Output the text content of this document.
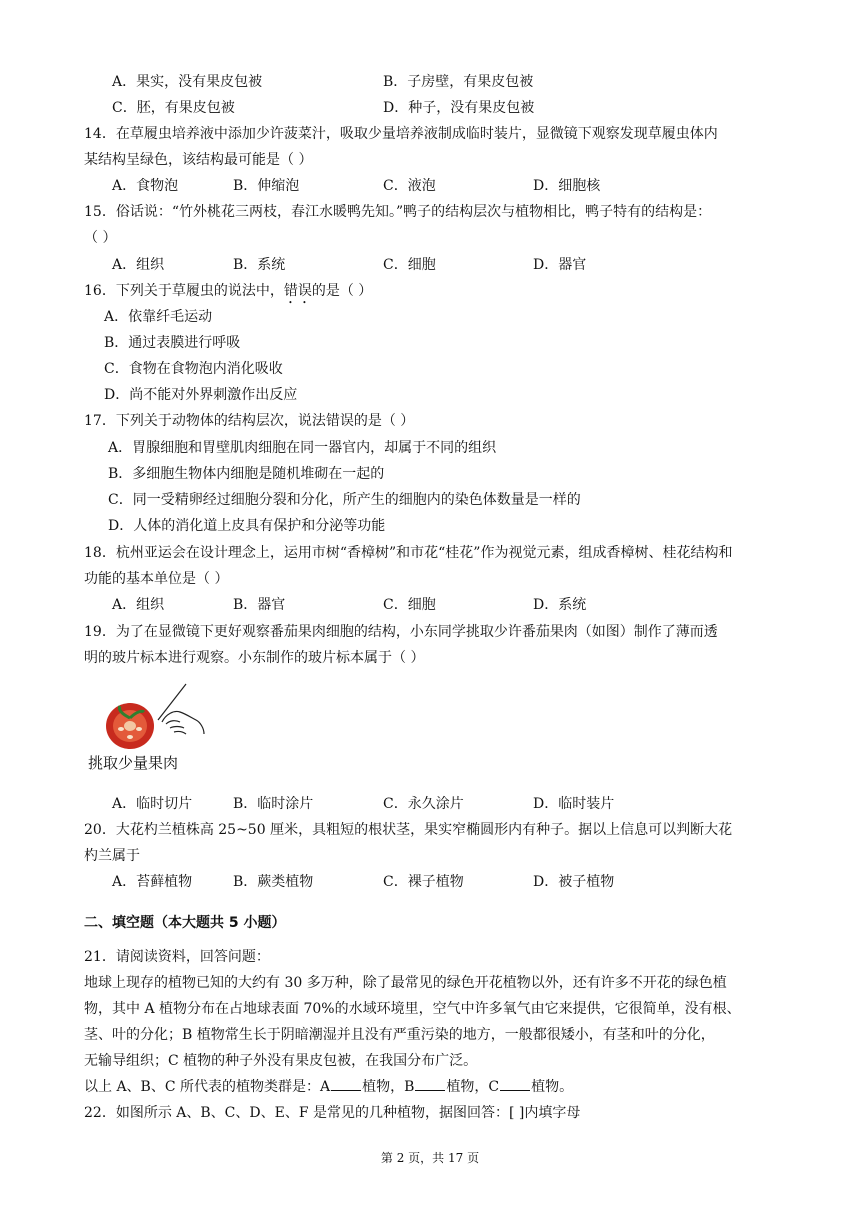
A．果实，没有果皮包被	B．子房壁，有果皮包被
C．胚，有果皮包被	D．种子，没有果皮包被
14．在草履虫培养液中添加少许菠菜汁，吸取少量培养液制成临时装片，显微镜下观察发现草履虫体内
某结构呈绿色，该结构最可能是（ ）
A．食物泡	B．伸缩泡	C．液泡	D．细胞核
15．俗话说：“竹外桃花三两枝，春江水暖鸭先知。”鸭子的结构层次与植物相比，鸭子特有的结构是：
（ ）
A．组织	B．系统	C．细胞	D．器官
16．下列关于草履虫的说法中，错误的是（ ）
A．依靠纤毛运动
B．通过表膜进行呼吸
C．食物在食物泡内消化吸收
D．尚不能对外界刺激作出反应
17．下列关于动物体的结构层次，说法错误的是（ ）
A．胃腺细胞和胃壁肌肉细胞在同一器官内，却属于不同的组织
B．多细胞生物体内细胞是随机堆砌在一起的
C．同一受精卵经过细胞分裂和分化，所产生的细胞内的染色体数量是一样的
D．人体的消化道上皮具有保护和分泌等功能
18．杭州亚运会在设计理念上，运用市树“香樟树”和市花“桂花”作为视觉元素，组成香樟树、桂花结构和
功能的基本单位是（ ）
A．组织	B．器官	C．细胞	D．系统
19．为了在显微镜下更好观察番茄果肉细胞的结构，小东同学挑取少许番茄果肉（如图）制作了薄而透
明的玻片标本进行观察。小东制作的玻片标本属于（ ）
挑取少量果肉
A．临时切片	B．临时涂片	C．永久涂片	D．临时装片
20．大花杓兰植株高 25~50 厘米，具粗短的根状茎，果实窄椭圆形内有种子。据以上信息可以判断大花
杓兰属于
A．苔藓植物	B．蕨类植物	C．裸子植物	D．被子植物
二、填空题（本大题共 5 小题）
21．请阅读资料，回答问题：
地球上现存的植物已知的大约有 30 多万种，除了最常见的绿色开花植物以外，还有许多不开花的绿色植
物，其中 A 植物分布在占地球表面 70%的水域环境里，空气中许多氧气由它来提供，它很简单，没有根、
茎、叶的分化；B 植物常生长于阴暗潮湿并且没有严重污染的地方，一般都很矮小，有茎和叶的分化，
无输导组织；C 植物的种子外没有果皮包被，在我国分布广泛。
以上 A、B、C 所代表的植物类群是：A 植物，B 植物，C 植物。
22．如图所示 A、B、C、D、E、F 是常见的几种植物，据图回答：[ ]内填字母
第 2 页，共 17 页
